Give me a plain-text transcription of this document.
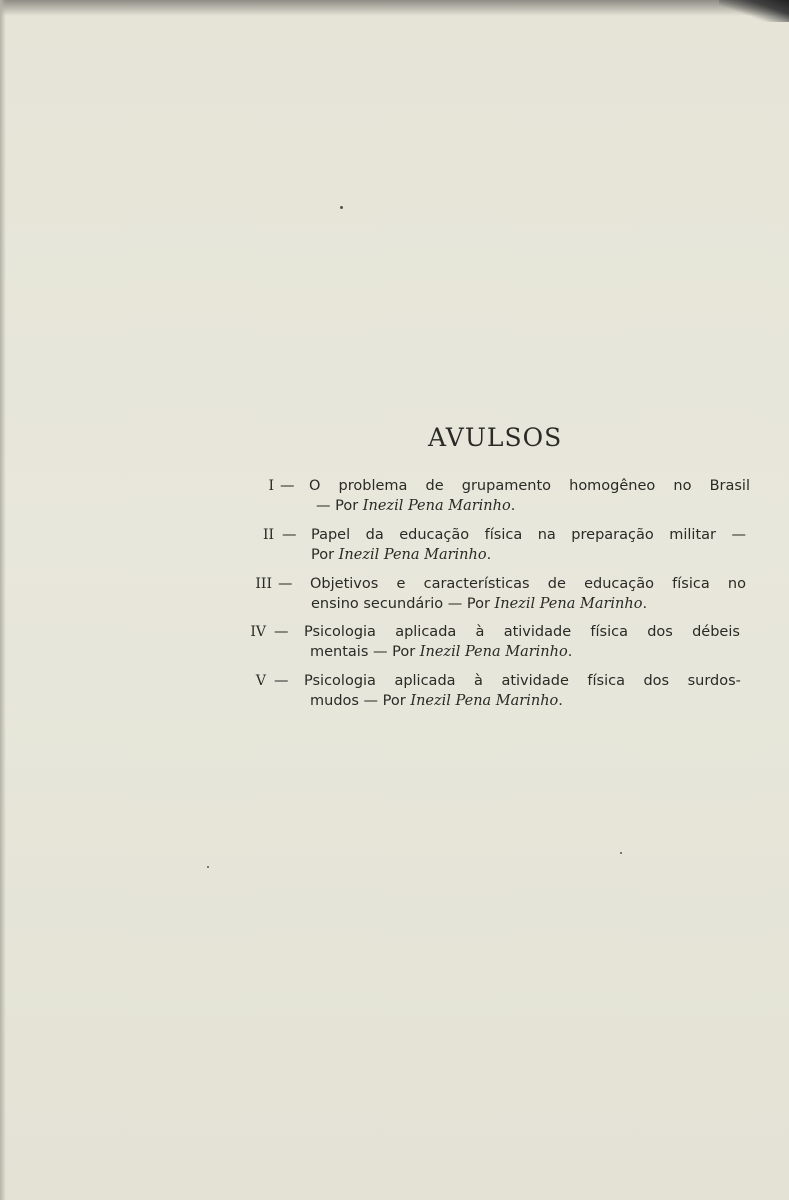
AVULSOS
I — O problema de grupamento homogêneo no Brasil
— Por Inezil Pena Marinho.
II — Papel da educação física na preparação militar —
Por Inezil Pena Marinho.
III — Objetivos e características de educação física no
ensino secundário — Por Inezil Pena Marinho.
IV — Psicologia aplicada à atividade física dos débeis
mentais — Por Inezil Pena Marinho.
V — Psicologia aplicada à atividade física dos surdos-
mudos — Por Inezil Pena Marinho.
